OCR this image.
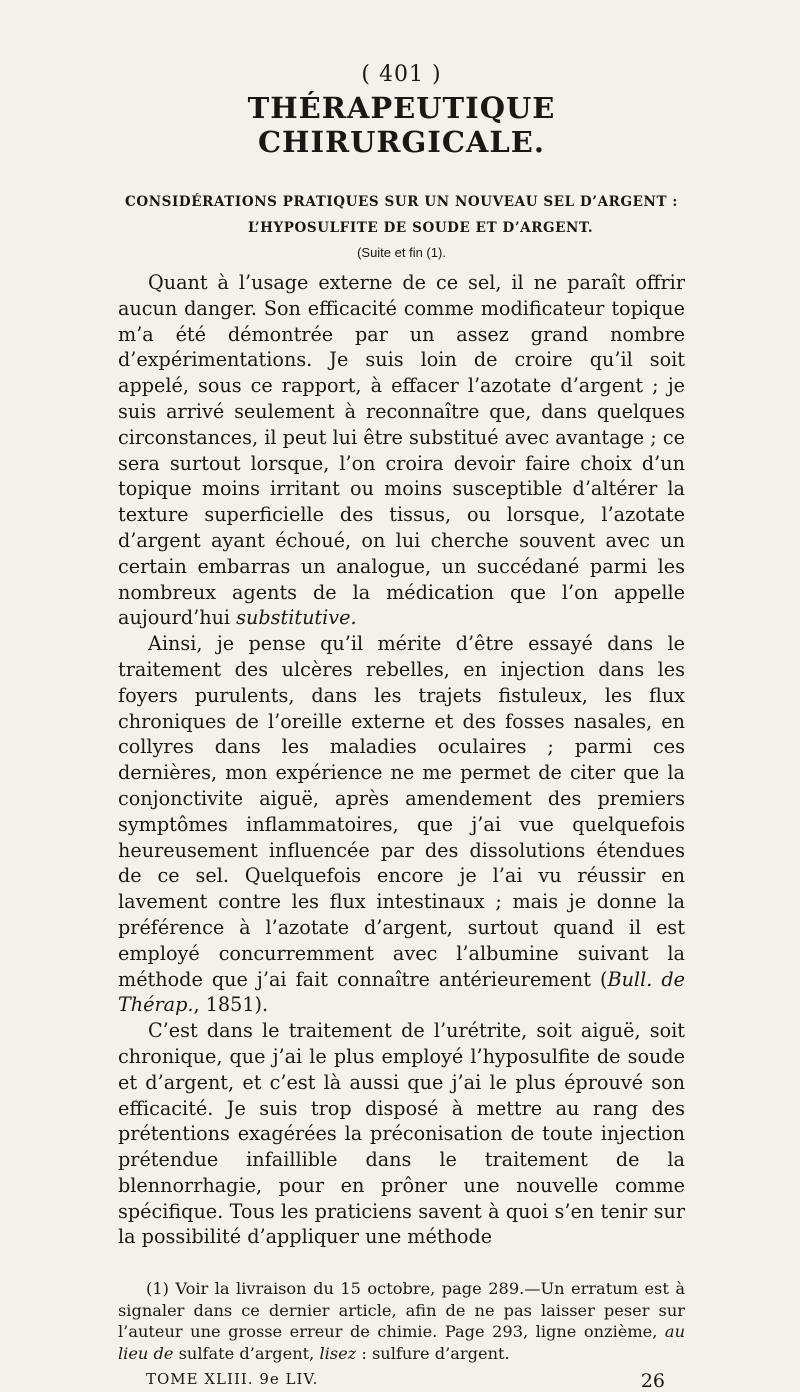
( 401 )
THÉRAPEUTIQUE CHIRURGICALE.
CONSIDÉRATIONS PRATIQUES SUR UN NOUVEAU SEL D’ARGENT :
L’HYPOSULFITE DE SOUDE ET D’ARGENT.
(Suite et fin (1).

Quant à l’usage externe de ce sel, il ne paraît offrir aucun danger. Son efficacité comme modificateur topique m’a été démontrée par un assez grand nombre d’expérimentations. Je suis loin de croire qu’il soit appelé, sous ce rapport, à effacer l’azotate d’argent ; je suis arrivé seulement à reconnaître que, dans quelques circonstances, il peut lui être substitué avec avantage ; ce sera surtout lorsque, l’on croira devoir faire choix d’un topique moins irritant ou moins susceptible d’altérer la texture superficielle des tissus, ou lorsque, l’azotate d’argent ayant échoué, on lui cherche souvent avec un certain embarras un analogue, un succédané parmi les nombreux agents de la médication que l’on appelle aujourd’hui substitutive.

Ainsi, je pense qu’il mérite d’être essayé dans le traitement des ulcères rebelles, en injection dans les foyers purulents, dans les trajets fistuleux, les flux chroniques de l’oreille externe et des fosses nasales, en collyres dans les maladies oculaires ; parmi ces dernières, mon expérience ne me permet de citer que la conjonctivite aiguë, après amendement des premiers symptômes inflammatoires, que j’ai vue quelquefois heureusement influencée par des dissolutions étendues de ce sel. Quelquefois encore je l’ai vu réussir en lavement contre les flux intestinaux ; mais je donne la préférence à l’azotate d’argent, surtout quand il est employé concurremment avec l’albumine suivant la méthode que j’ai fait connaître antérieurement (Bull. de Thérap., 1851).

C’est dans le traitement de l’urétrite, soit aiguë, soit chronique, que j’ai le plus employé l’hyposulfite de soude et d’argent, et c’est là aussi que j’ai le plus éprouvé son efficacité. Je suis trop disposé à mettre au rang des prétentions exagérées la préconisation de toute injection prétendue infaillible dans le traitement de la blennorrhagie, pour en prôner une nouvelle comme spécifique. Tous les praticiens savent à quoi s’en tenir sur la possibilité d’appliquer une méthode

(1) Voir la livraison du 15 octobre, page 289.—Un erratum est à signaler dans ce dernier article, afin de ne pas laisser peser sur l’auteur une grosse erreur de chimie. Page 293, ligne onzième, au lieu de sulfate d’argent, lisez : sulfure d’argent.

TOME XLIII. 9e LIV.	26
